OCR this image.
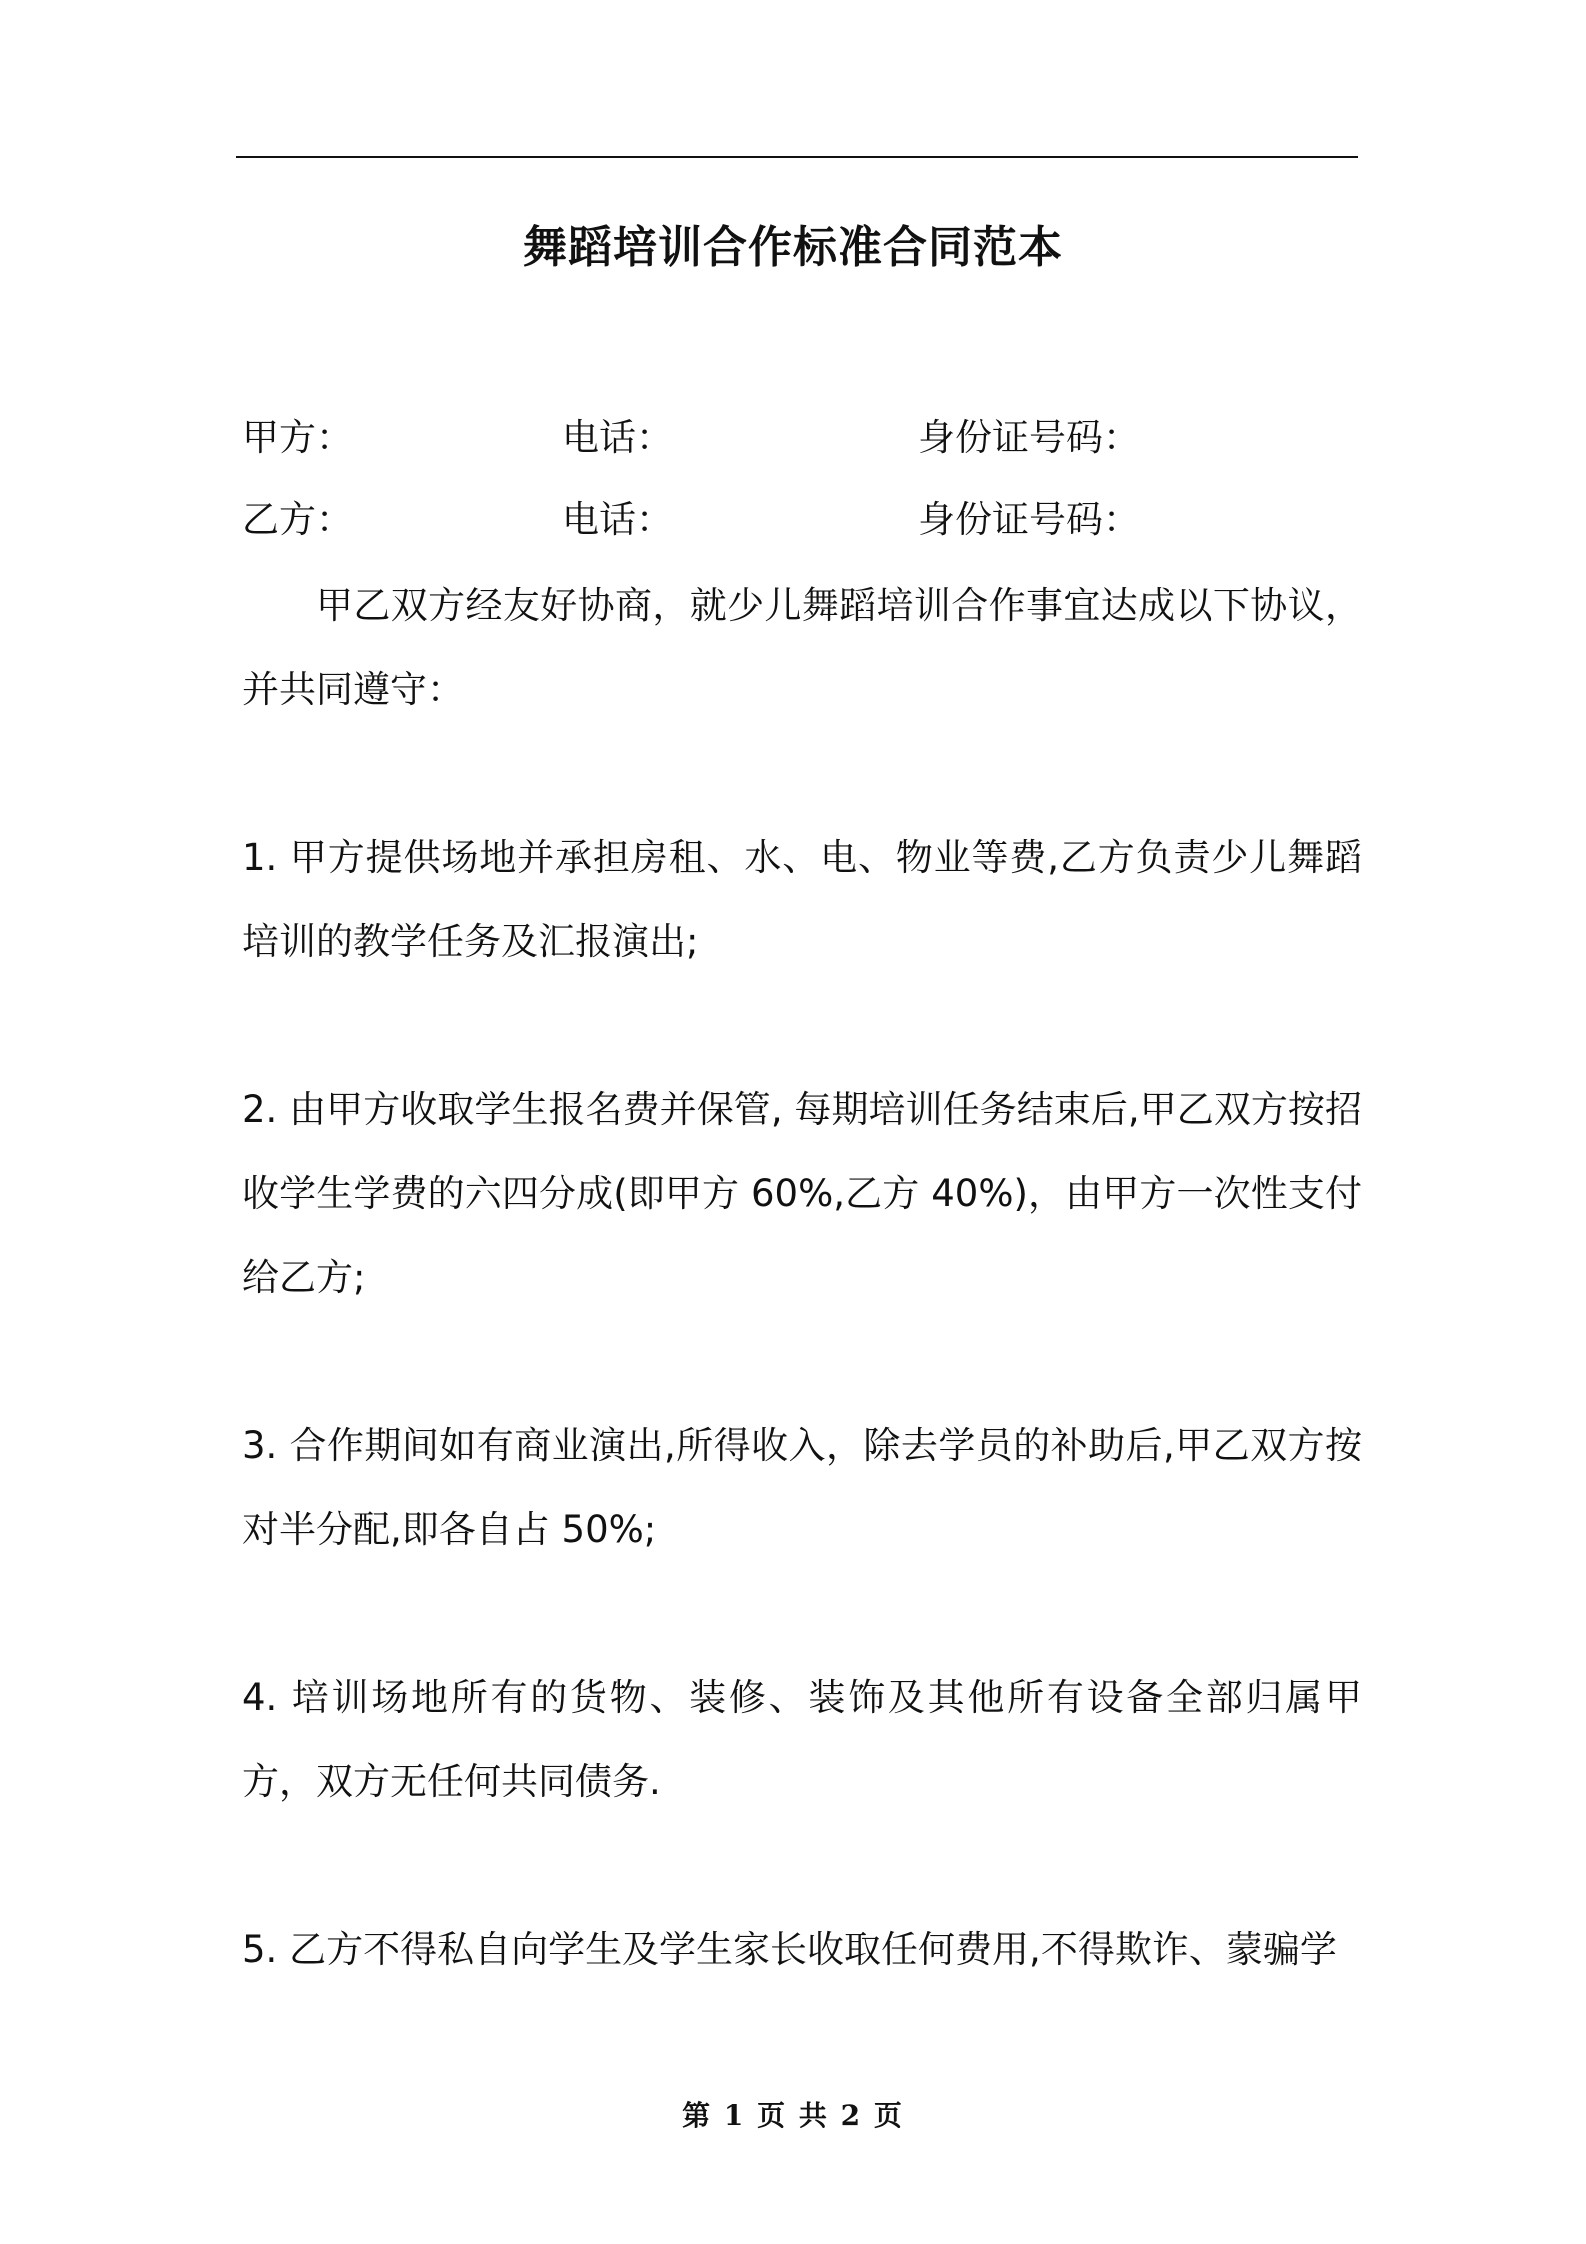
舞蹈培训合作标准合同范本
甲方：	电话：	身份证号码：
乙方：	电话：	身份证号码：
甲乙双方经友好协商，就少儿舞蹈培训合作事宜达成以下协议，并共同遵守：
1. 甲方提供场地并承担房租、水、电、物业等费,乙方负责少儿舞蹈培训的教学任务及汇报演出;
2. 由甲方收取学生报名费并保管, 每期培训任务结束后,甲乙双方按招收学生学费的六四分成(即甲方 60%,乙方 40%)，由甲方一次性支付给乙方;
3. 合作期间如有商业演出,所得收入，除去学员的补助后,甲乙双方按对半分配,即各自占 50%;
4. 培训场地所有的货物、装修、装饰及其他所有设备全部归属甲方，双方无任何共同债务.
5. 乙方不得私自向学生及学生家长收取任何费用,不得欺诈、蒙骗学
第 1 页 共 2 页
